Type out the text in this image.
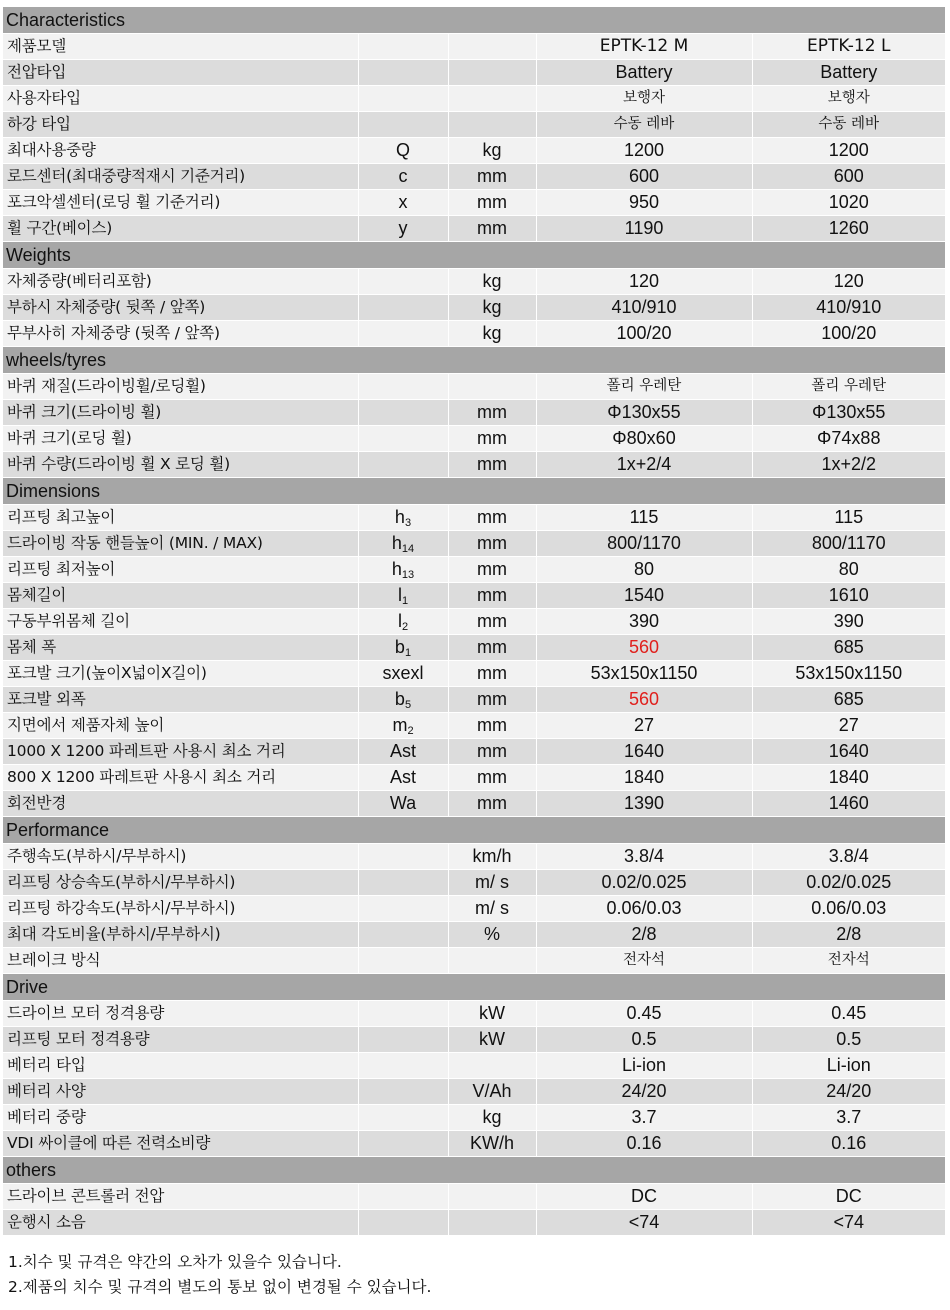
Characteristics				
제품모델			EPTK-12 M	EPTK-12 L
전압타입			Battery	Battery
사용자타입			보행자	보행자
하강 타입			수동 레바	수동 레바
최대사용중량	Q	kg	1200	1200
로드센터(최대중량적재시 기준거리)	c	mm	600	600
포크악셀센터(로딩 휠 기준거리)	x	mm	950	1020
휠 구간(베이스)	y	mm	1190	1260
Weights				
자체중량(베터리포함)		kg	120	120
부하시 자체중량( 뒷쪽 / 앞쪽)		kg	410/910	410/910
무부사히 자체중량 (뒷쪽 / 앞쪽)		kg	100/20	100/20
wheels/tyres				
바퀴 재질(드라이빙휠/로딩휠)			폴리 우레탄	폴리 우레탄
바퀴 크기(드라이빙 휠)		mm	Φ130x55	Φ130x55
바퀴 크기(로딩 휠)		mm	Φ80x60	Φ74x88
바퀴 수량(드라이빙 휠 X 로딩 휠)		mm	1x+2/4	1x+2/2
Dimensions				
리프팅 최고높이	$h_3$	mm	115	115
드라이빙 작동 핸들높이 (MIN. / MAX)	$h_{14}$	mm	800/1170	800/1170
리프팅 최저높이	$h_{13}$	mm	80	80
몸체길이	$l_1$	mm	1540	1610
구동부위몸체 길이	$l_2$	mm	390	390
몸체 폭	$b_1$	mm	560	685
포크발 크기(높이X넓이X길이)	sxexl	mm	53x150x1150	53x150x1150
포크발 외폭	$b_5$	mm	560	685
지면에서 제품자체 높이	$m_2$	mm	27	27
1000 X 1200 파레트판 사용시 최소 거리	Ast	mm	1640	1640
800 X 1200 파레트판 사용시 최소 거리	Ast	mm	1840	1840
회전반경	Wa	mm	1390	1460
Performance				
주행속도(부하시/무부하시)		km/h	3.8/4	3.8/4
리프팅 상승속도(부하시/무부하시)		m/ s	0.02/0.025	0.02/0.025
리프팅 하강속도(부하시/무부하시)		m/ s	0.06/0.03	0.06/0.03
최대 각도비율(부하시/무부하시)		%	2/8	2/8
브레이크 방식			전자석	전자석
Drive				
드라이브 모터 정격용량		kW	0.45	0.45
리프팅 모터 정격용량		kW	0.5	0.5
베터리 타입			Li-ion	Li-ion
베터리 사양		V/Ah	24/20	24/20
베터리 중량		kg	3.7	3.7
VDI 싸이클에 따른 전력소비량		KW/h	0.16	0.16
others				
드라이브 콘트롤러 전압			DC	DC
운행시 소음			<74	<74
1.치수 및 규격은 약간의 오차가 있을수 있습니다.
2.제품의 치수 및 규격의 별도의 통보 없이 변경될 수 있습니다.
